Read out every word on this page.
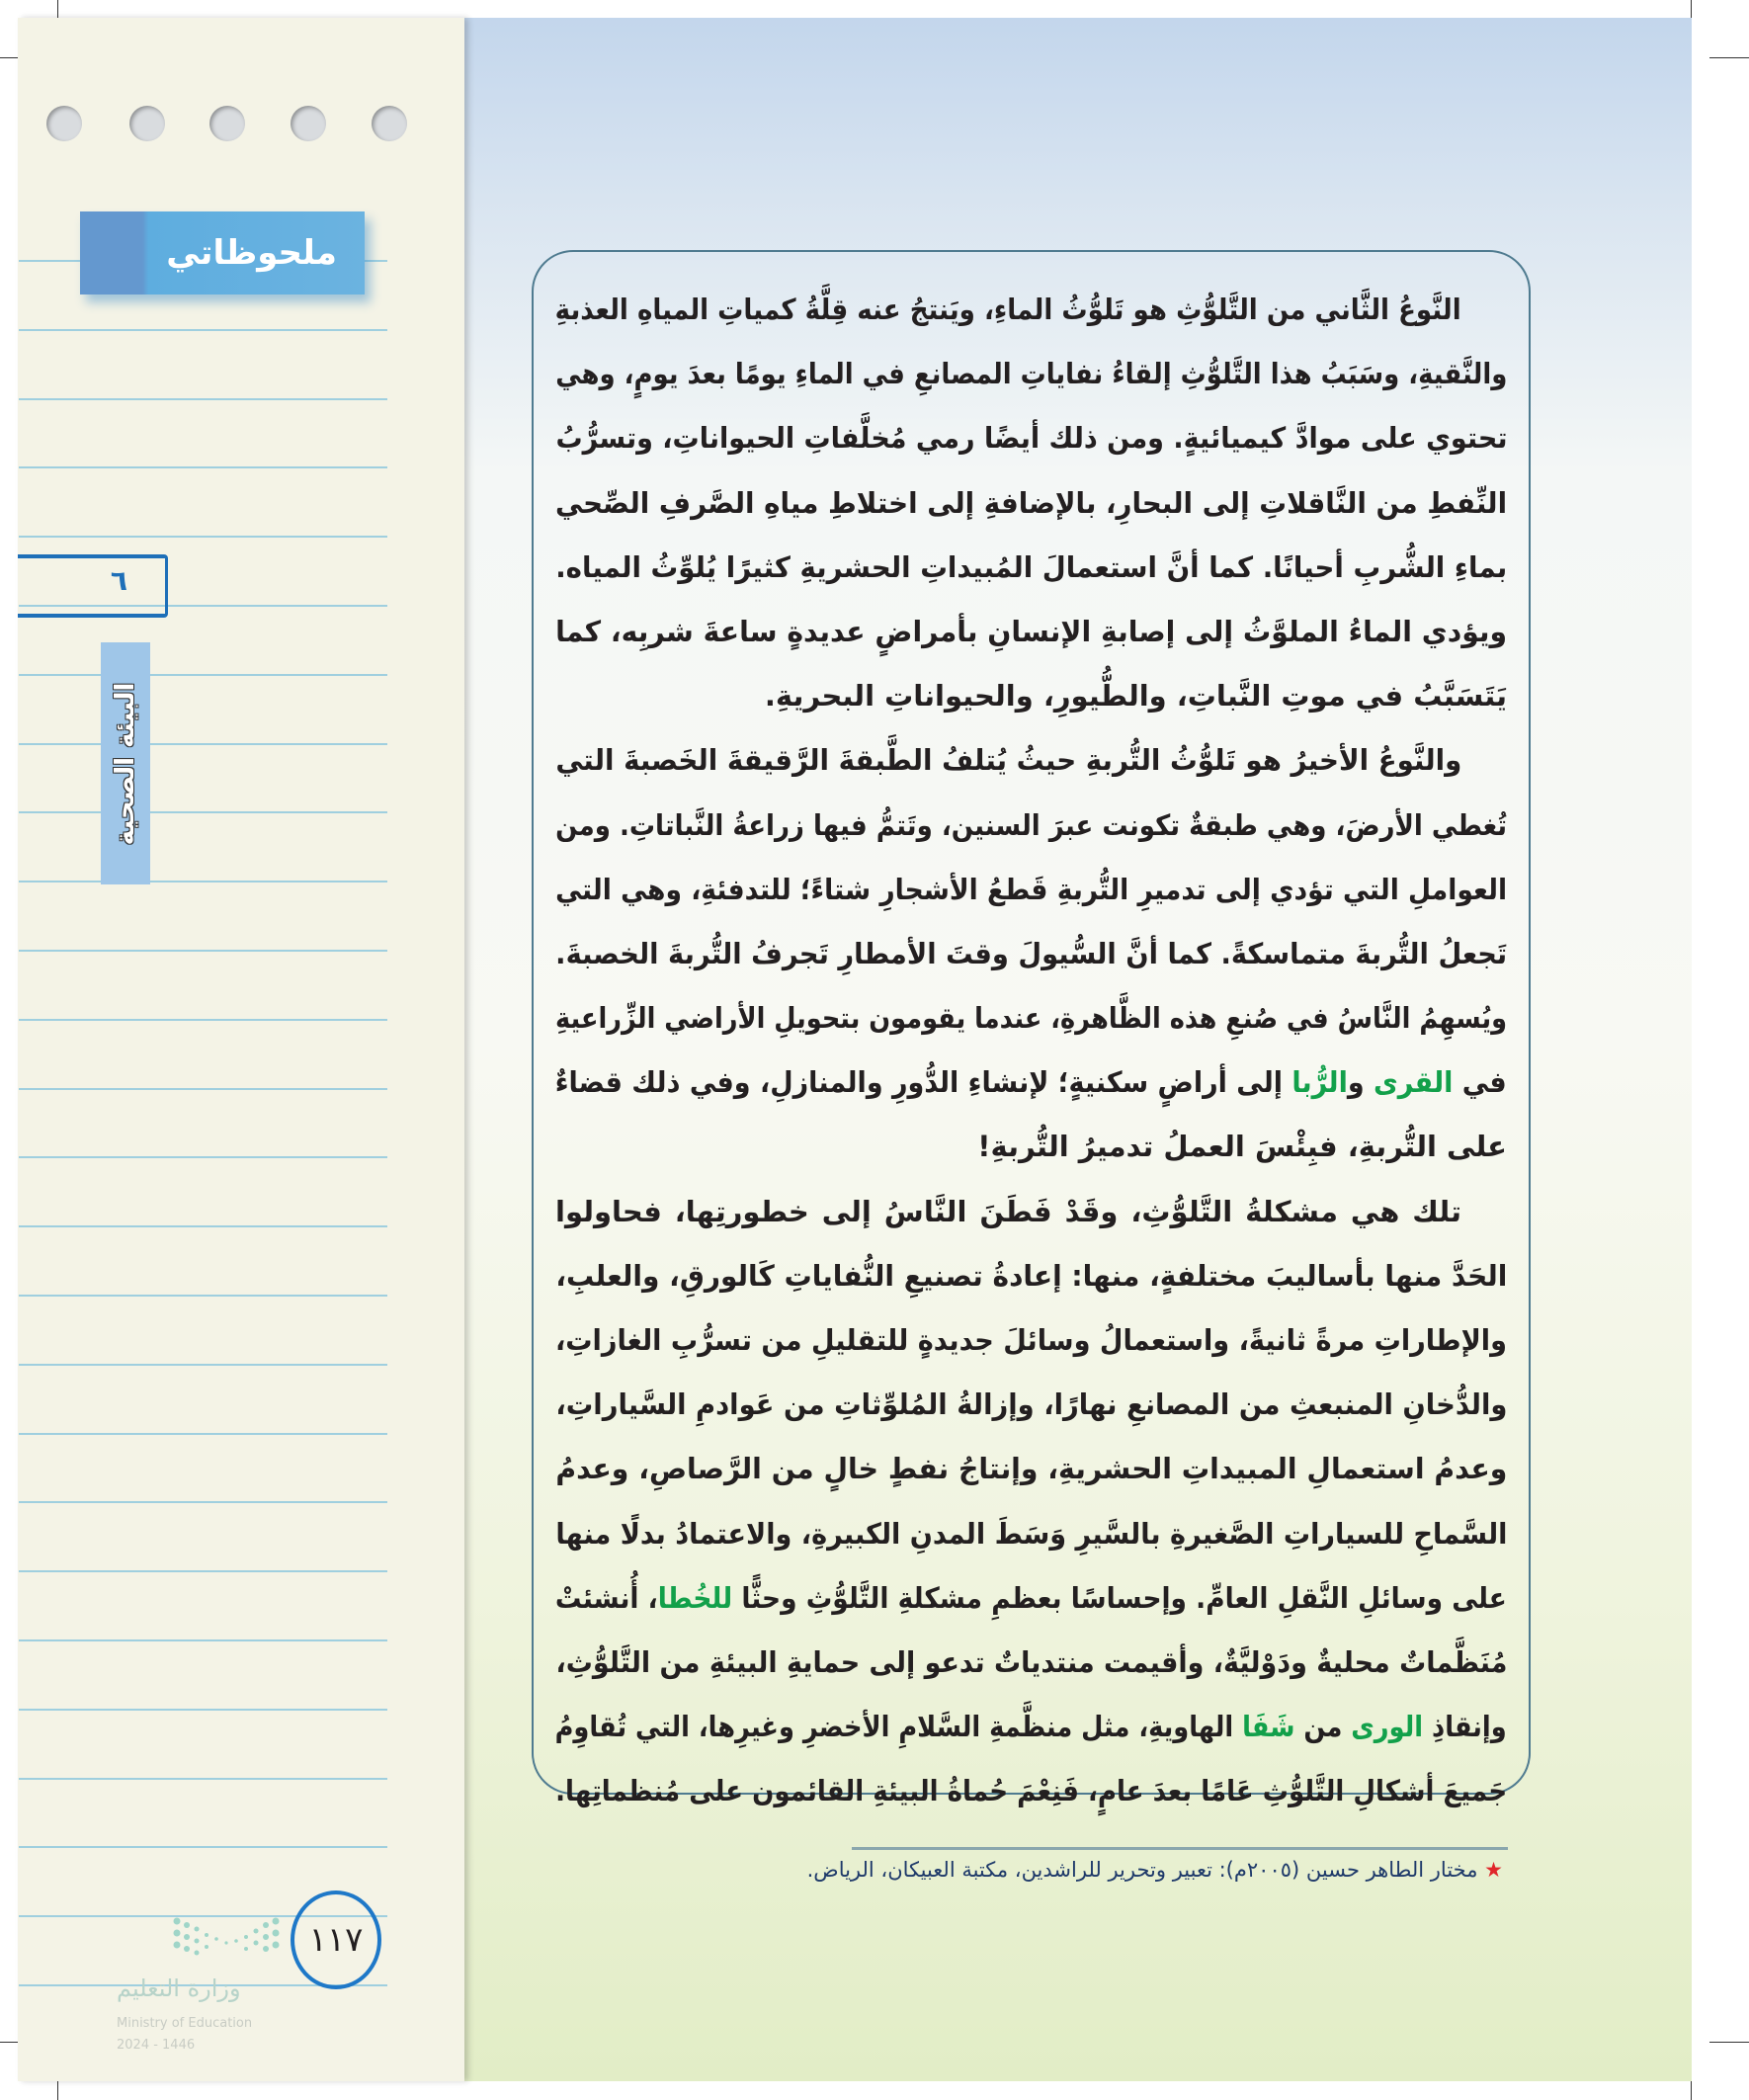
ملحوظاتي
٦
البيئة الصحية
١١٧
وزارة التعليم
Ministry of Education
2024 - 1446
النَّوعُ الثَّاني من التَّلوُّثِ هو تَلوُّثُ الماءِ، ويَنتجُ عنه قِلَّةُ كمياتِ المياهِ العذبةِ
والنَّقيةِ، وسَبَبُ هذا التَّلوُّثِ إلقاءُ نفاياتِ المصانعِ في الماءِ يومًا بعدَ يومٍ، وهي
تحتوي على موادَّ كيميائيةٍ. ومن ذلك أيضًا رمي مُخلَّفاتِ الحيواناتِ، وتسرُّبُ
النِّفطِ من النَّاقلاتِ إلى البحارِ، بالإضافةِ إلى اختلاطِ مياهِ الصَّرفِ الصِّحي
بماءِ الشُّربِ أحيانًا. كما أنَّ استعمالَ المُبيداتِ الحشريةِ كثيرًا يُلوِّثُ المياه.
ويؤدي الماءُ الملوَّثُ إلى إصابةِ الإنسانِ بأمراضٍ عديدةٍ ساعةَ شربِه، كما
يَتَسَبَّبُ في موتِ النَّباتِ، والطُّيورِ، والحيواناتِ البحريةِ.
والنَّوعُ الأخيرُ هو تَلوُّثُ التُّربةِ حيثُ يُتلفُ الطَّبقةَ الرَّقيقةَ الخَصبةَ التي
تُغطي الأرضَ، وهي طبقةٌ تكونت عبرَ السنين، وتَتمُّ فيها زراعةُ النَّباتاتِ. ومن
العواملِ التي تؤدي إلى تدميرِ التُّربةِ قَطعُ الأشجارِ شتاءً؛ للتدفئةِ، وهي التي
تَجعلُ التُّربةَ متماسكةً. كما أنَّ السُّيولَ وقتَ الأمطارِ تَجرفُ التُّربةَ الخصبةَ.
ويُسهِمُ النَّاسُ في صُنعِ هذه الظَّاهرةِ، عندما يقومون بتحويلِ الأراضي الزِّراعيةِ
في القرى والرُّبا إلى أراضٍ سكنيةٍ؛ لإنشاءِ الدُّورِ والمنازلِ، وفي ذلك قضاءٌ
على التُّربةِ، فبِئْسَ العملُ تدميرُ التُّربةِ!
تلك هي مشكلةُ التَّلوُّثِ، وقَدْ فَطَنَ النَّاسُ إلى خطورتِها، فحاولوا
الحَدَّ منها بأساليبَ مختلفةٍ، منها: إعادةُ تصنيعِ النُّفاياتِ كَالورقِ، والعلبِ،
والإطاراتِ مرةً ثانيةً، واستعمالُ وسائلَ جديدةٍ للتقليلِ من تسرُّبِ الغازاتِ،
والدُّخانِ المنبعثِ من المصانعِ نهارًا، وإزالةُ المُلوِّثاتِ من عَوادمِ السَّياراتِ،
وعدمُ استعمالِ المبيداتِ الحشريةِ، وإنتاجُ نفطٍ خالٍ من الرَّصاصِ، وعدمُ
السَّماحِ للسياراتِ الصَّغيرةِ بالسَّيرِ وَسَطَ المدنِ الكبيرةِ، والاعتمادُ بدلًا منها
على وسائلِ النَّقلِ العامِّ. وإحساسًا بعظمِ مشكلةِ التَّلوُّثِ وحثًّا للخُطا، أُنشئتْ
مُنَظَّماتٌ محليةٌ ودَوْليَّةٌ، وأقيمت منتدياتٌ تدعو إلى حمايةِ البيئةِ من التَّلوُّثِ،
وإنقاذِ الورى من شَفَا الهاويةِ، مثل منظَّمةِ السَّلامِ الأخضرِ وغيرِها، التي تُقاوِمُ
جَميعَ أشكالِ التَّلوُّثِ عَامًا بعدَ عامٍ، فَنِعْمَ حُماةُ البيئةِ القائمون على مُنظماتِها.
★ مختار الطاهر حسين (٢٠٠٥م): تعبير وتحرير للراشدين، مكتبة العبيكان، الرياض.
